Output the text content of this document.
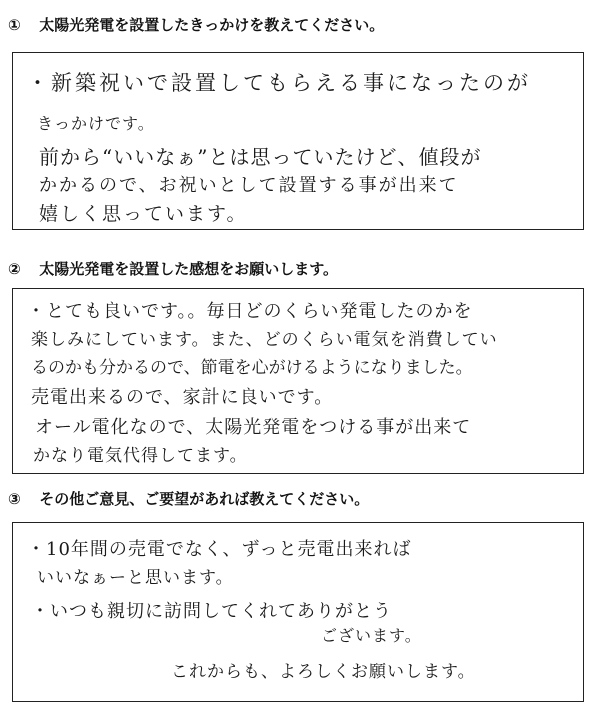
① 太陽光発電を設置したきっかけを教えてください。
・新築祝いで設置してもらえる事になったのが
きっかけです。
前から“いいなぁ”とは思っていたけど、値段が
かかるので、お祝いとして設置する事が出来て
嬉しく思っています。
② 太陽光発電を設置した感想をお願いします。
・とても良いです。。毎日どのくらい発電したのかを
楽しみにしています。また、どのくらい電気を消費してい
るのかも分かるので、節電を心がけるようになりました。
売電出来るので、家計に良いです。
オール電化なので、太陽光発電をつける事が出来て
かなり電気代得してます。
③ その他ご意見、ご要望があれば教えてください。
・10年間の売電でなく、ずっと売電出来れば
いいなぁーと思います。
・いつも親切に訪問してくれてありがとう
ございます。
これからも、よろしくお願いします。
